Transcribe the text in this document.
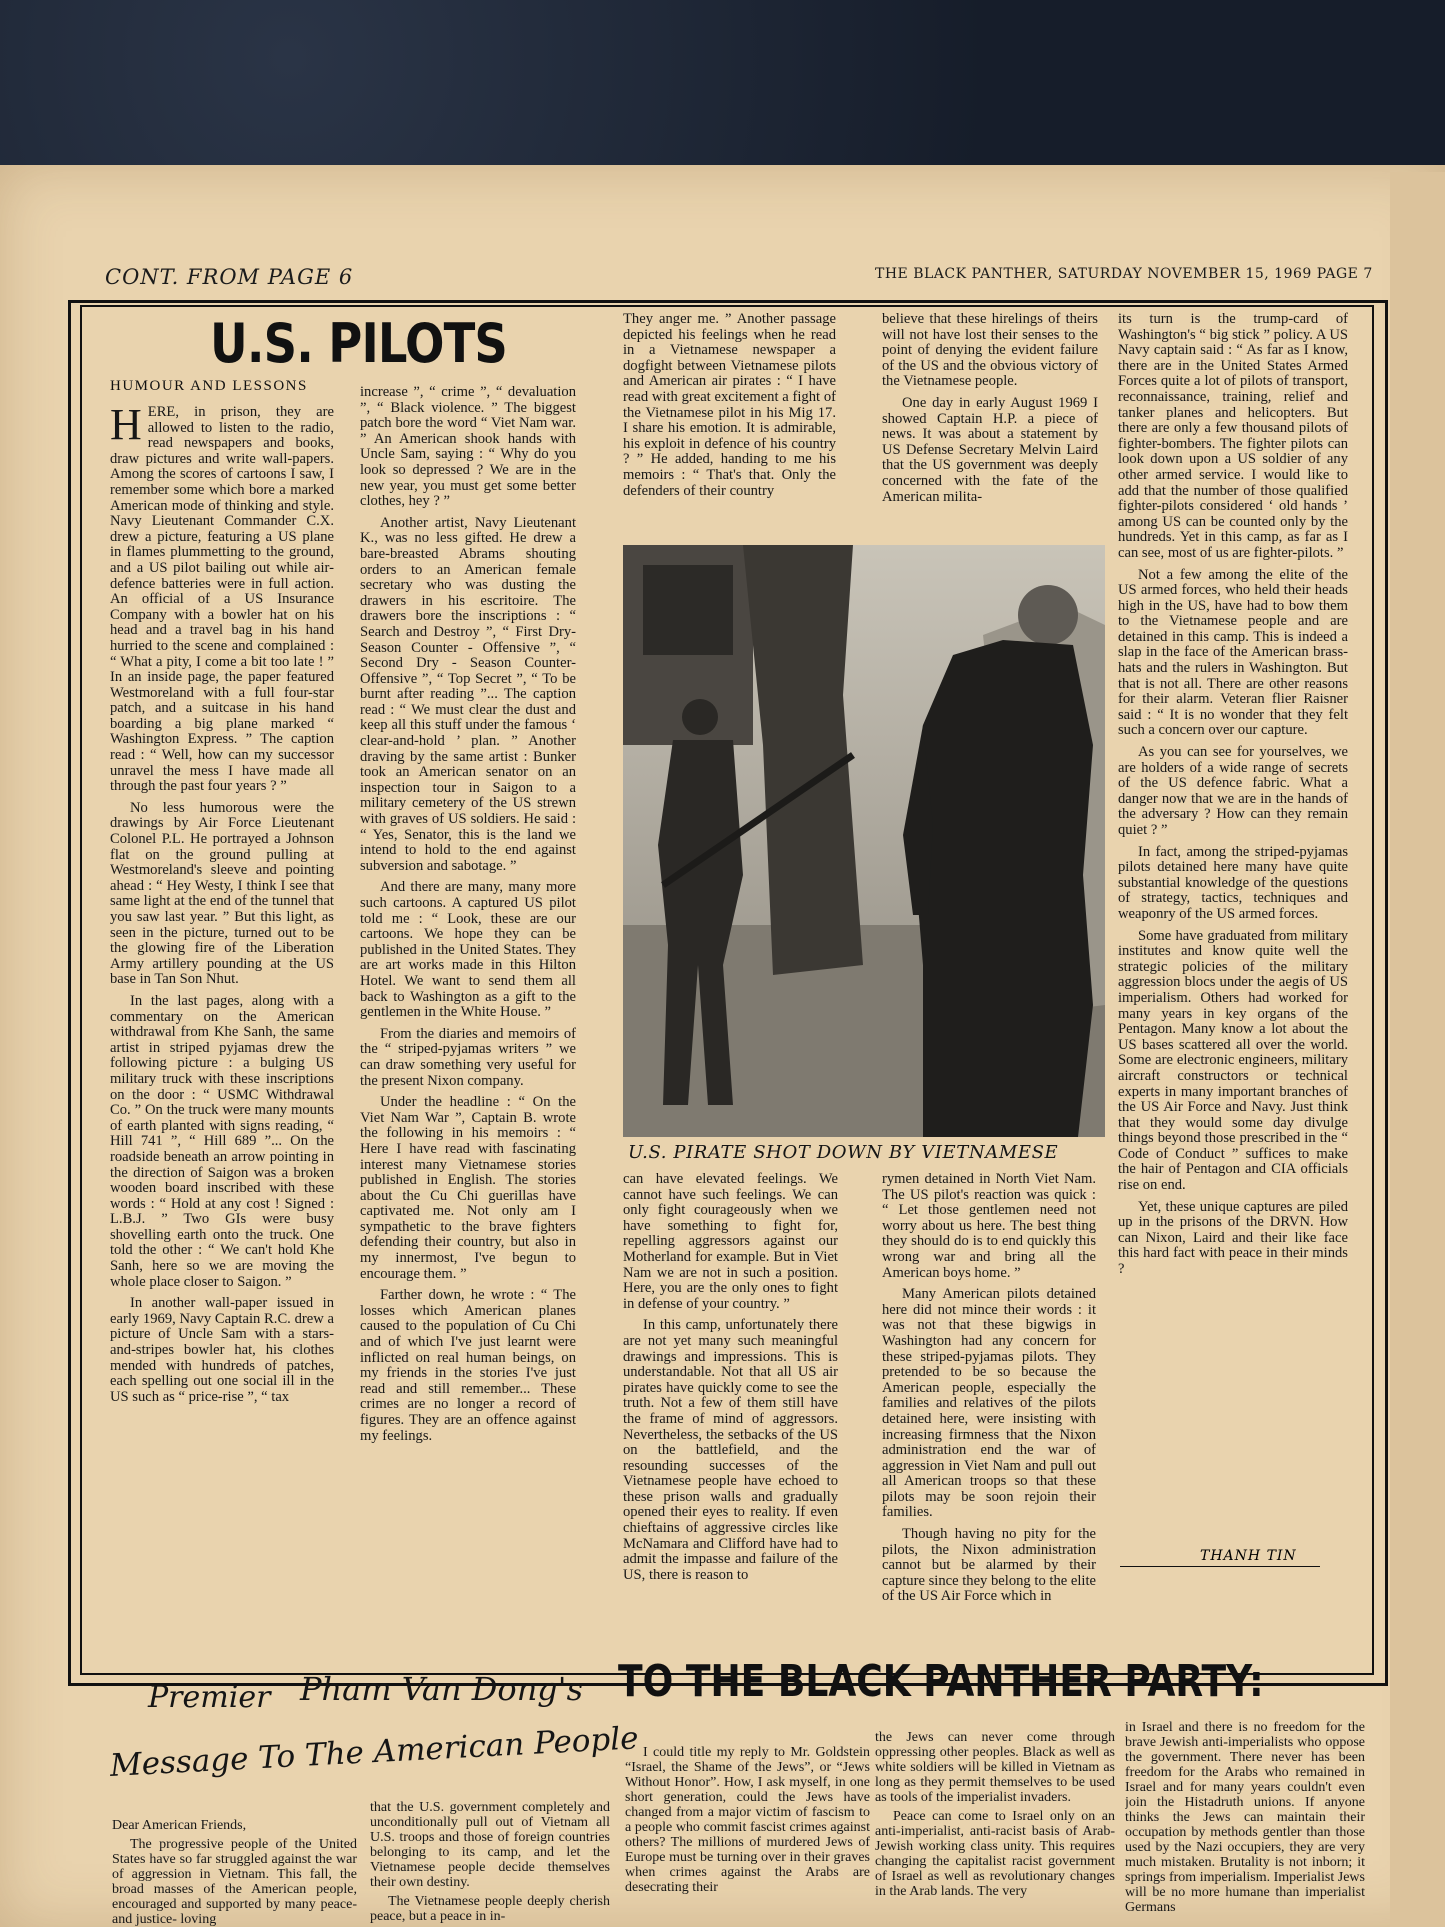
CONT. FROM PAGE 6	THE BLACK PANTHER, SATURDAY NOVEMBER 15, 1969 PAGE 7
U.S. PILOTS
HUMOUR AND LESSONS

HERE, in prison, they are allowed to listen to the radio, read newspapers and books, draw pictures and write wall-papers. Among the scores of cartoons I saw, I remember some which bore a marked American mode of thinking and style. Navy Lieutenant Commander C.X. drew a picture, featuring a US plane in flames plummetting to the ground, and a US pilot bailing out while air-defence batteries were in full action. An official of a US Insurance Company with a bowler hat on his head and a travel bag in his hand hurried to the scene and complained : “ What a pity, I come a bit too late ! ” In an inside page, the paper featured Westmoreland with a full four-star patch, and a suitcase in his hand boarding a big plane marked “ Washington Express. ” The caption read : “ Well, how can my successor unravel the mess I have made all through the past four years ? ”

No less humorous were the drawings by Air Force Lieutenant Colonel P.L. He portrayed a Johnson flat on the ground pulling at Westmoreland's sleeve and pointing ahead : “ Hey Westy, I think I see that same light at the end of the tunnel that you saw last year. ” But this light, as seen in the picture, turned out to be the glowing fire of the Liberation Army artillery pounding at the US base in Tan Son Nhut.

In the last pages, along with a commentary on the American withdrawal from Khe Sanh, the same artist in striped pyjamas drew the following picture : a bulging US military truck with these inscriptions on the door : “ USMC Withdrawal Co. ” On the truck were many mounts of earth planted with signs reading, “ Hill 741 ”, “ Hill 689 ”... On the roadside beneath an arrow pointing in the direction of Saigon was a broken wooden board inscribed with these words : “ Hold at any cost ! Signed : L.B.J. ” Two GIs were busy shovelling earth onto the truck. One told the other : “ We can't hold Khe Sanh, here so we are moving the whole place closer to Saigon. ”

In another wall-paper issued in early 1969, Navy Captain R.C. drew a picture of Uncle Sam with a stars-and-stripes bowler hat, his clothes mended with hundreds of patches, each spelling out one social ill in the US such as “ price-rise ”, “ tax

increase ”, “ crime ”, “ devaluation ”, “ Black violence. ” The biggest patch bore the word “ Viet Nam war. ” An American shook hands with Uncle Sam, saying : “ Why do you look so depressed ? We are in the new year, you must get some better clothes, hey ? ”

Another artist, Navy Lieutenant K., was no less gifted. He drew a bare-breasted Abrams shouting orders to an American female secretary who was dusting the drawers in his escritoire. The drawers bore the inscriptions : “ Search and Destroy ”, “ First Dry-Season Counter - Offensive ”, “ Second Dry - Season Counter-Offensive ”, “ Top Secret ”, “ To be burnt after reading ”... The caption read : “ We must clear the dust and keep all this stuff under the famous ‘ clear-and-hold ’ plan. ” Another draving by the same artist : Bunker took an American senator on an inspection tour in Saigon to a military cemetery of the US strewn with graves of US soldiers. He said : “ Yes, Senator, this is the land we intend to hold to the end against subversion and sabotage. ”

And there are many, many more such cartoons. A captured US pilot told me : “ Look, these are our cartoons. We hope they can be published in the United States. They are art works made in this Hilton Hotel. We want to send them all back to Washington as a gift to the gentlemen in the White House. ”

From the diaries and memoirs of the “ striped-pyjamas writers ” we can draw something very useful for the present Nixon company.

Under the headline : “ On the Viet Nam War ”, Captain B. wrote the following in his memoirs : “ Here I have read with fascinating interest many Vietnamese stories published in English. The stories about the Cu Chi guerillas have captivated me. Not only am I sympathetic to the brave fighters defending their country, but also in my innermost, I've begun to encourage them. ”

Farther down, he wrote : “ The losses which American planes caused to the population of Cu Chi and of which I've just learnt were inflicted on real human beings, on my friends in the stories I've just read and still remember... These crimes are no longer a record of figures. They are an offence against my feelings.

They anger me. ” Another passage depicted his feelings when he read in a Vietnamese newspaper a dogfight between Vietnamese pilots and American air pirates : “ I have read with great excitement a fight of the Vietnamese pilot in his Mig 17. I share his emotion. It is admirable, his exploit in defence of his country ? ” He added, handing to me his memoirs : “ That's that. Only the defenders of their country

believe that these hirelings of theirs will not have lost their senses to the point of denying the evident failure of the US and the obvious victory of the Vietnamese people.

One day in early August 1969 I showed Captain H.P. a piece of news. It was about a statement by US Defense Secretary Melvin Laird that the US government was deeply concerned with the fate of the American milita-

U.S. PIRATE SHOT DOWN BY VIETNAMESE

can have elevated feelings. We cannot have such feelings. We can only fight courageously when we have something to fight for, repelling aggressors against our Motherland for example. But in Viet Nam we are not in such a position. Here, you are the only ones to fight in defense of your country. ”

In this camp, unfortunately there are not yet many such meaningful drawings and impressions. This is understandable. Not that all US air pirates have quickly come to see the truth. Not a few of them still have the frame of mind of aggressors. Nevertheless, the setbacks of the US on the battlefield, and the resounding successes of the Vietnamese people have echoed to these prison walls and gradually opened their eyes to reality. If even chieftains of aggressive circles like McNamara and Clifford have had to admit the impasse and failure of the US, there is reason to

rymen detained in North Viet Nam. The US pilot's reaction was quick : “ Let those gentlemen need not worry about us here. The best thing they should do is to end quickly this wrong war and bring all the American boys home. ”

Many American pilots detained here did not mince their words : it was not that these bigwigs in Washington had any concern for these striped-pyjamas pilots. They pretended to be so because the American people, especially the families and relatives of the pilots detained here, were insisting with increasing firmness that the Nixon administration end the war of aggression in Viet Nam and pull out all American troops so that these pilots may be soon rejoin their families.

Though having no pity for the pilots, the Nixon administration cannot but be alarmed by their capture since they belong to the elite of the US Air Force which in

its turn is the trump-card of Washington's “ big stick ” policy. A US Navy captain said : “ As far as I know, there are in the United States Armed Forces quite a lot of pilots of transport, reconnaissance, training, relief and tanker planes and helicopters. But there are only a few thousand pilots of fighter-bombers. The fighter pilots can look down upon a US soldier of any other armed service. I would like to add that the number of those qualified fighter-pilots considered ‘ old hands ’ among US can be counted only by the hundreds. Yet in this camp, as far as I can see, most of us are fighter-pilots. ”

Not a few among the elite of the US armed forces, who held their heads high in the US, have had to bow them to the Vietnamese people and are detained in this camp. This is indeed a slap in the face of the American brass-hats and the rulers in Washington. But that is not all. There are other reasons for their alarm. Veteran flier Raisner said : “ It is no wonder that they felt such a concern over our capture.

As you can see for yourselves, we are holders of a wide range of secrets of the US defence fabric. What a danger now that we are in the hands of the adversary ? How can they remain quiet ? ”

In fact, among the striped-pyjamas pilots detained here many have quite substantial knowledge of the questions of strategy, tactics, techniques and weaponry of the US armed forces.

Some have graduated from military institutes and know quite well the strategic policies of the military aggression blocs under the aegis of US imperialism. Others had worked for many years in key organs of the Pentagon. Many know a lot about the US bases scattered all over the world. Some are electronic engineers, military aircraft constructors or technical experts in many important branches of the US Air Force and Navy. Just think that they would some day divulge things beyond those prescribed in the “ Code of Conduct ” suffices to make the hair of Pentagon and CIA officials rise on end.

Yet, these unique captures are piled up in the prisons of the DRVN. How can Nixon, Laird and their like face this hard fact with peace in their minds ?

THANH TIN
Premier Pham Van Dong's
Message To The American People
TO THE BLACK PANTHER PARTY:

Dear American Friends,

The progressive people of the United States have so far struggled against the war of aggression in Vietnam. This fall, the broad masses of the American people, encouraged and supported by many peace- and justice- loving

that the U.S. government completely and unconditionally pull out of Vietnam all U.S. troops and those of foreign countries belonging to its camp, and let the Vietnamese people decide themselves their own destiny.

The Vietnamese people deeply cherish peace, but a peace in in-

I could title my reply to Mr. Goldstein “Israel, the Shame of the Jews”, or “Jews Without Honor”. How, I ask myself, in one short generation, could the Jews have changed from a major victim of fascism to a people who commit fascist crimes against others? The millions of murdered Jews of Europe must be turning over in their graves when crimes against the Arabs are desecrating their

the Jews can never come through oppressing other peoples. Black as well as white soldiers will be killed in Vietnam as long as they permit themselves to be used as tools of the imperialist invaders.

Peace can come to Israel only on an anti-imperialist, anti-racist basis of Arab-Jewish working class unity. This requires changing the capitalist racist government of Israel as well as revolutionary changes in the Arab lands. The very

in Israel and there is no freedom for the brave Jewish anti-imperialists who oppose the government. There never has been freedom for the Arabs who remained in Israel and for many years couldn't even join the Histadruth unions. If anyone thinks the Jews can maintain their occupation by methods gentler than those used by the Nazi occupiers, they are very much mistaken. Brutality is not inborn; it springs from imperialism. Imperialist Jews will be no more humane than imperialist Germans
